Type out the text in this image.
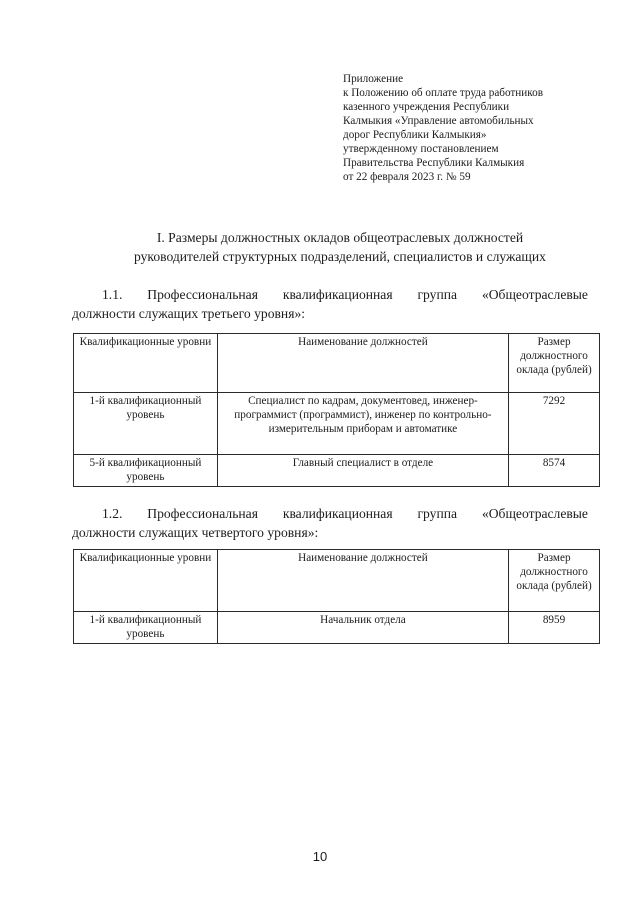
Приложение
к Положению об оплате труда работников
казенного учреждения Республики
Калмыкия «Управление автомобильных
дорог Республики Калмыкия»
утвержденному постановлением
Правительства Республики Калмыкия
от 22 февраля 2023 г. № 59
I. Размеры должностных окладов общеотраслевых должностей
руководителей структурных подразделений, специалистов и служащих
1.1. Профессиональная квалификационная группа «Общеотраслевые
должности служащих третьего уровня»:
Квалификационные уровни	Наименование должностей	Размер должностного оклада (рублей)
1-й квалификационный уровень	Специалист по кадрам, документовед, инженер-программист (программист), инженер по контрольно-измерительным приборам и автоматике	7292
5-й квалификационный уровень	Главный специалист в отделе	8574
1.2. Профессиональная квалификационная группа «Общеотраслевые
должности служащих четвертого уровня»:
Квалификационные уровни	Наименование должностей	Размер должностного оклада (рублей)
1-й квалификационный уровень	Начальник отдела	8959
10
